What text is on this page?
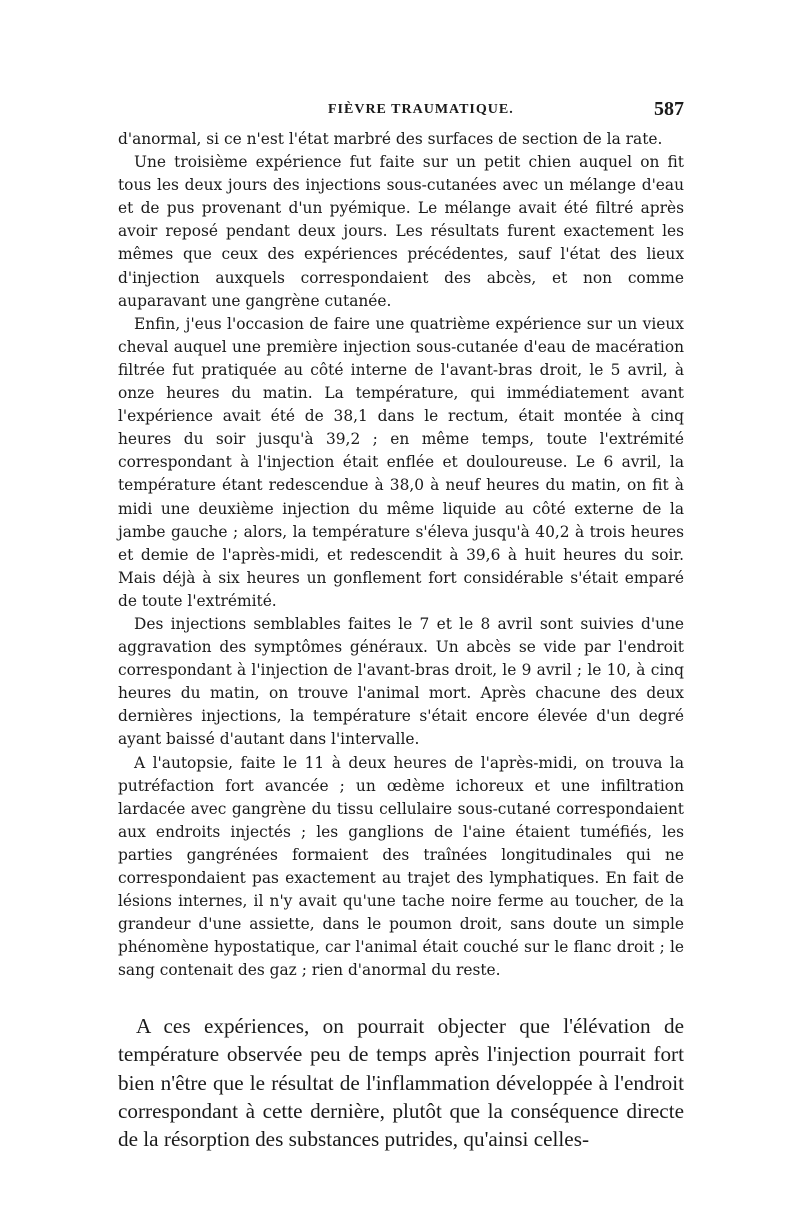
FIÈVRE TRAUMATIQUE.	587

d'anormal, si ce n'est l'état marbré des surfaces de section de la rate.

Une troisième expérience fut faite sur un petit chien auquel on fit tous les deux jours des injections sous-cutanées avec un mélange d'eau et de pus provenant d'un pyémique. Le mélange avait été filtré après avoir reposé pendant deux jours. Les résultats furent exactement les mêmes que ceux des expériences précédentes, sauf l'état des lieux d'injection auxquels correspondaient des abcès, et non comme auparavant une gangrène cutanée.

Enfin, j'eus l'occasion de faire une quatrième expérience sur un vieux cheval auquel une première injection sous-cutanée d'eau de macération filtrée fut pratiquée au côté interne de l'avant-bras droit, le 5 avril, à onze heures du matin. La température, qui immédiatement avant l'expérience avait été de 38,1 dans le rectum, était montée à cinq heures du soir jusqu'à 39,2 ; en même temps, toute l'extrémité correspondant à l'injection était enflée et douloureuse. Le 6 avril, la température étant redescendue à 38,0 à neuf heures du matin, on fit à midi une deuxième injection du même liquide au côté externe de la jambe gauche ; alors, la température s'éleva jusqu'à 40,2 à trois heures et demie de l'après-midi, et redescendit à 39,6 à huit heures du soir. Mais déjà à six heures un gonflement fort considérable s'était emparé de toute l'extrémité.

Des injections semblables faites le 7 et le 8 avril sont suivies d'une aggravation des symptômes généraux. Un abcès se vide par l'endroit correspondant à l'injection de l'avant-bras droit, le 9 avril ; le 10, à cinq heures du matin, on trouve l'animal mort. Après chacune des deux dernières injections, la température s'était encore élevée d'un degré ayant baissé d'autant dans l'intervalle.

A l'autopsie, faite le 11 à deux heures de l'après-midi, on trouva la putréfaction fort avancée ; un œdème ichoreux et une infiltration lardacée avec gangrène du tissu cellulaire sous-cutané correspondaient aux endroits injectés ; les ganglions de l'aine étaient tuméfiés, les parties gangrénées formaient des traînées longitudinales qui ne correspondaient pas exactement au trajet des lymphatiques. En fait de lésions internes, il n'y avait qu'une tache noire ferme au toucher, de la grandeur d'une assiette, dans le poumon droit, sans doute un simple phénomène hypostatique, car l'animal était couché sur le flanc droit ; le sang contenait des gaz ; rien d'anormal du reste.

A ces expériences, on pourrait objecter que l'élévation de température observée peu de temps après l'injection pourrait fort bien n'être que le résultat de l'inflammation développée à l'endroit correspondant à cette dernière, plutôt que la conséquence directe de la résorption des substances putrides, qu'ainsi celles-
